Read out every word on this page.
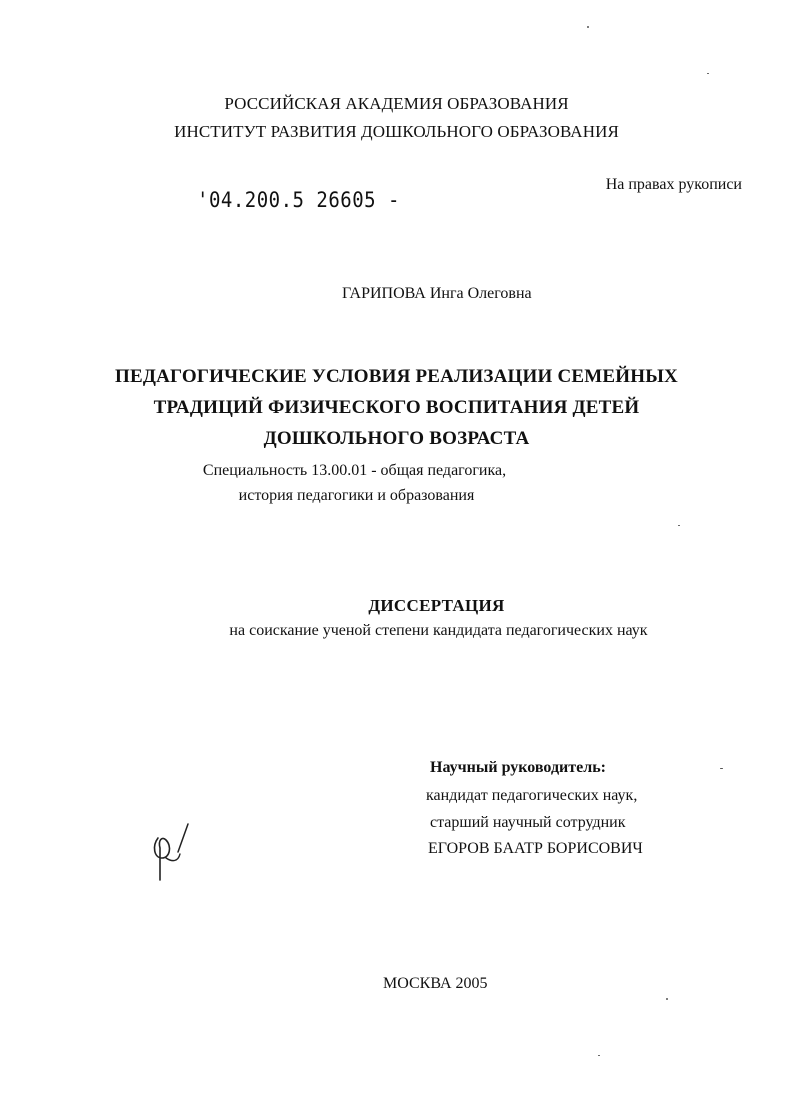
РОССИЙСКАЯ АКАДЕМИЯ ОБРАЗОВАНИЯ
ИНСТИТУТ РАЗВИТИЯ ДОШКОЛЬНОГО ОБРАЗОВАНИЯ
'04.200.5 26605 -
На правах рукописи
ГАРИПОВА Инга Олеговна
ПЕДАГОГИЧЕСКИЕ УСЛОВИЯ РЕАЛИЗАЦИИ СЕМЕЙНЫХ
ТРАДИЦИЙ ФИЗИЧЕСКОГО ВОСПИТАНИЯ ДЕТЕЙ
ДОШКОЛЬНОГО ВОЗРАСТА
Специальность 13.00.01 - общая педагогика,
история педагогики и образования
ДИССЕРТАЦИЯ
на соискание ученой степени кандидата педагогических наук
Научный руководитель:
кандидат педагогических наук,
старший научный сотрудник
ЕГОРОВ БААТР БОРИСОВИЧ
МОСКВА 2005
